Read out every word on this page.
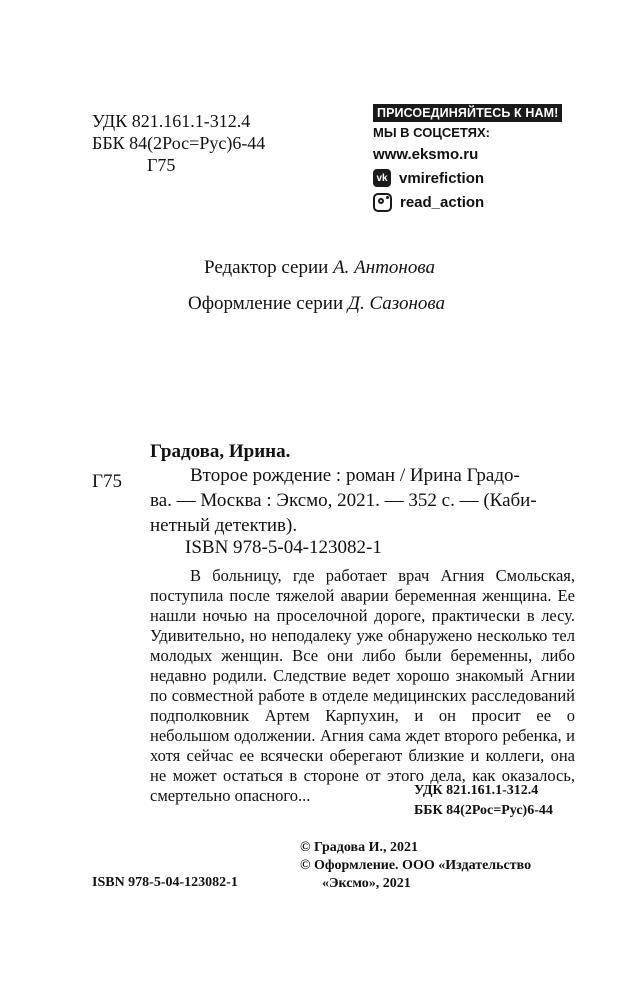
УДК 821.161.1-312.4
ББК 84(2Рос=Рус)6-44
Г75
ПРИСОЕДИНЯЙТЕСЬ К НАМ!
МЫ В СОЦСЕТЯХ:
www.eksmo.ru
vk vmirefiction
read_action
Редактор серии А. Антонова
Оформление серии Д. Сазонова
Градова, Ирина.
Г75	Второе рождение : роман / Ирина Градо-
ва. — Москва : Эксмо, 2021. — 352 с. — (Каби-
нетный детектив).
ISBN 978-5-04-123082-1
В больницу, где работает врач Агния Смольская, поступила после тяжелой аварии беременная женщина. Ее нашли ночью на проселочной дороге, практически в лесу. Удивительно, но неподалеку уже обнаружено несколько тел молодых женщин. Все они либо были беременны, либо недавно родили. Следствие ведет хорошо знакомый Агнии по совместной работе в отделе медицинских расследований подполковник Артем Карпухин, и он просит ее о небольшом одолжении. Агния сама ждет второго ребенка, и хотя сейчас ее всячески оберегают близкие и коллеги, она не может остаться в стороне от этого дела, как оказалось, смертельно опасного...	УДК 821.161.1-312.4
ББК 84(2Рос=Рус)6-44
© Градова И., 2021
© Оформление. ООО «Издательство
«Эксмо», 2021
ISBN 978-5-04-123082-1
